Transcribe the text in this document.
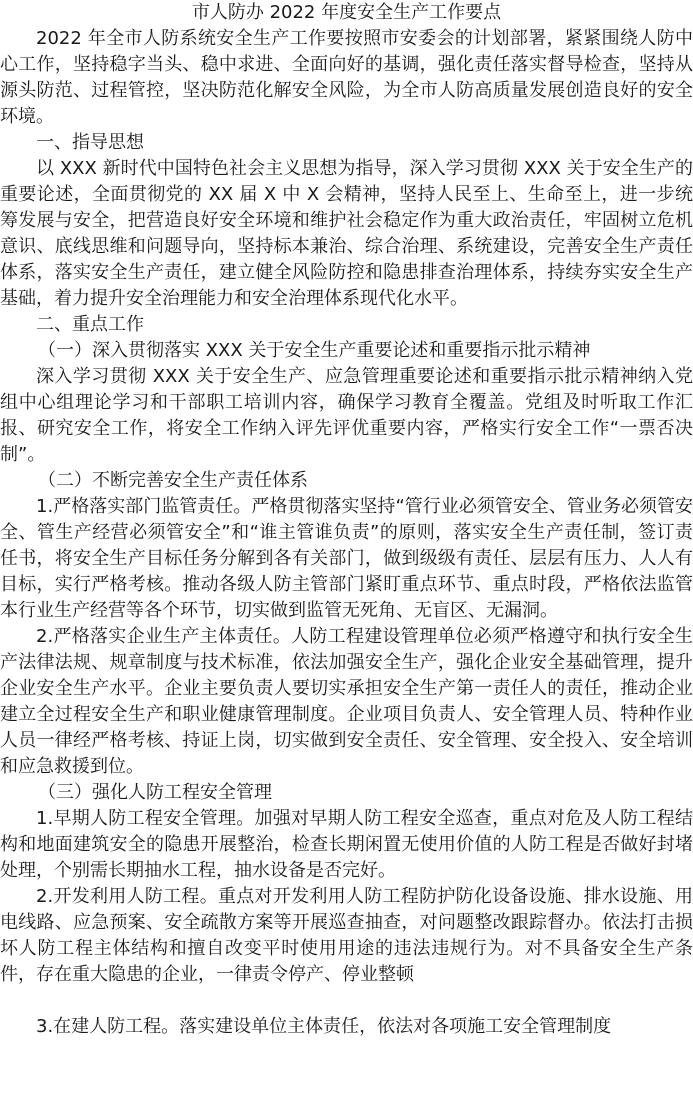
市人防办 2022 年度安全生产工作要点

2022 年全市人防系统安全生产工作要按照市安委会的计划部署，紧紧围绕人防中心工作，坚持稳字当头、稳中求进、全面向好的基调，强化责任落实督导检查，坚持从源头防范、过程管控，坚决防范化解安全风险，为全市人防高质量发展创造良好的安全环境。

一、指导思想

以 XXX 新时代中国特色社会主义思想为指导，深入学习贯彻 XXX 关于安全生产的重要论述，全面贯彻党的 XX 届 X 中 X 会精神，坚持人民至上、生命至上，进一步统筹发展与安全，把营造良好安全环境和维护社会稳定作为重大政治责任，牢固树立危机意识、底线思维和问题导向，坚持标本兼治、综合治理、系统建设，完善安全生产责任体系，落实安全生产责任，建立健全风险防控和隐患排查治理体系，持续夯实安全生产基础，着力提升安全治理能力和安全治理体系现代化水平。

二、重点工作

（一）深入贯彻落实 XXX 关于安全生产重要论述和重要指示批示精神

深入学习贯彻 XXX 关于安全生产、应急管理重要论述和重要指示批示精神纳入党组中心组理论学习和干部职工培训内容，确保学习教育全覆盖。党组及时听取工作汇报、研究安全工作，将安全工作纳入评先评优重要内容，严格实行安全工作“一票否决制”。

（二）不断完善安全生产责任体系

1.严格落实部门监管责任。严格贯彻落实坚持“管行业必须管安全、管业务必须管安全、管生产经营必须管安全”和“谁主管谁负责”的原则，落实安全生产责任制，签订责任书，将安全生产目标任务分解到各有关部门，做到级级有责任、层层有压力、人人有目标，实行严格考核。推动各级人防主管部门紧盯重点环节、重点时段，严格依法监管本行业生产经营等各个环节，切实做到监管无死角、无盲区、无漏洞。

2.严格落实企业生产主体责任。人防工程建设管理单位必须严格遵守和执行安全生产法律法规、规章制度与技术标准，依法加强安全生产，强化企业安全基础管理，提升企业安全生产水平。企业主要负责人要切实承担安全生产第一责任人的责任，推动企业建立全过程安全生产和职业健康管理制度。企业项目负责人、安全管理人员、特种作业人员一律经严格考核、持证上岗，切实做到安全责任、安全管理、安全投入、安全培训和应急救援到位。

（三）强化人防工程安全管理

1.早期人防工程安全管理。加强对早期人防工程安全巡查，重点对危及人防工程结构和地面建筑安全的隐患开展整治，检查长期闲置无使用价值的人防工程是否做好封堵处理，个别需长期抽水工程，抽水设备是否完好。

2.开发利用人防工程。重点对开发利用人防工程防护防化设备设施、排水设施、用电线路、应急预案、安全疏散方案等开展巡查抽查，对问题整改跟踪督办。依法打击损坏人防工程主体结构和擅自改变平时使用用途的违法违规行为。对不具备安全生产条件，存在重大隐患的企业，一律责令停产、停业整顿

3.在建人防工程。落实建设单位主体责任，依法对各项施工安全管理制度
